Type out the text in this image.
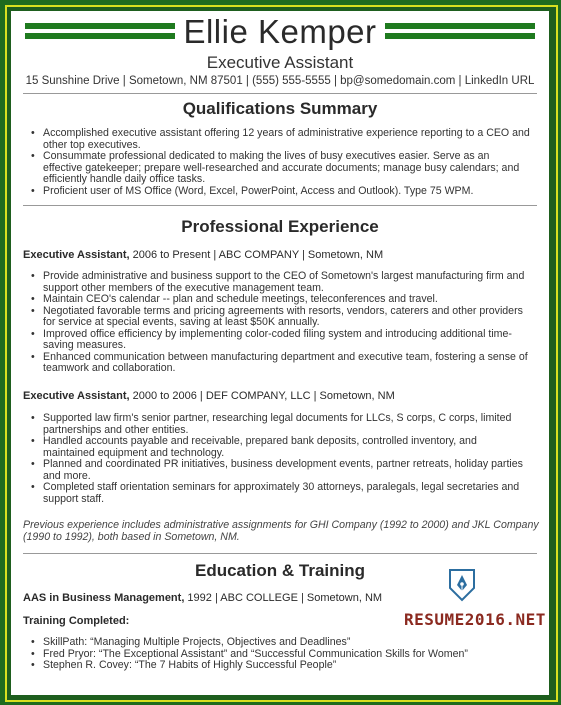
Ellie Kemper
Executive Assistant
15 Sunshine Drive | Sometown, NM 87501 | (555) 555-5555 | bp@somedomain.com | LinkedIn URL
Qualifications Summary
• Accomplished executive assistant offering 12 years of administrative experience reporting to a CEO and other top executives.
• Consummate professional dedicated to making the lives of busy executives easier. Serve as an effective gatekeeper; prepare well-researched and accurate documents; manage busy calendars; and efficiently handle daily office tasks.
• Proficient user of MS Office (Word, Excel, PowerPoint, Access and Outlook). Type 75 WPM.
Professional Experience
Executive Assistant, 2006 to Present | ABC COMPANY | Sometown, NM
• Provide administrative and business support to the CEO of Sometown's largest manufacturing firm and support other members of the executive management team.
• Maintain CEO's calendar -- plan and schedule meetings, teleconferences and travel.
• Negotiated favorable terms and pricing agreements with resorts, vendors, caterers and other providers for service at special events, saving at least $50K annually.
• Improved office efficiency by implementing color-coded filing system and introducing additional time-saving measures.
• Enhanced communication between manufacturing department and executive team, fostering a sense of teamwork and collaboration.
Executive Assistant, 2000 to 2006 | DEF COMPANY, LLC | Sometown, NM
• Supported law firm's senior partner, researching legal documents for LLCs, S corps, C corps, limited partnerships and other entities.
• Handled accounts payable and receivable, prepared bank deposits, controlled inventory, and maintained equipment and technology.
• Planned and coordinated PR initiatives, business development events, partner retreats, holiday parties and more.
• Completed staff orientation seminars for approximately 30 attorneys, paralegals, legal secretaries and support staff.
Previous experience includes administrative assignments for GHI Company (1992 to 2000) and JKL Company (1990 to 1992), both based in Sometown, NM.
Education & Training
AAS in Business Management, 1992 | ABC COLLEGE | Sometown, NM
Training Completed:
• SkillPath: “Managing Multiple Projects, Objectives and Deadlines”
• Fred Pryor: “The Exceptional Assistant” and “Successful Communication Skills for Women”
• Stephen R. Covey: “The 7 Habits of Highly Successful People”
RESUME2016.NET
